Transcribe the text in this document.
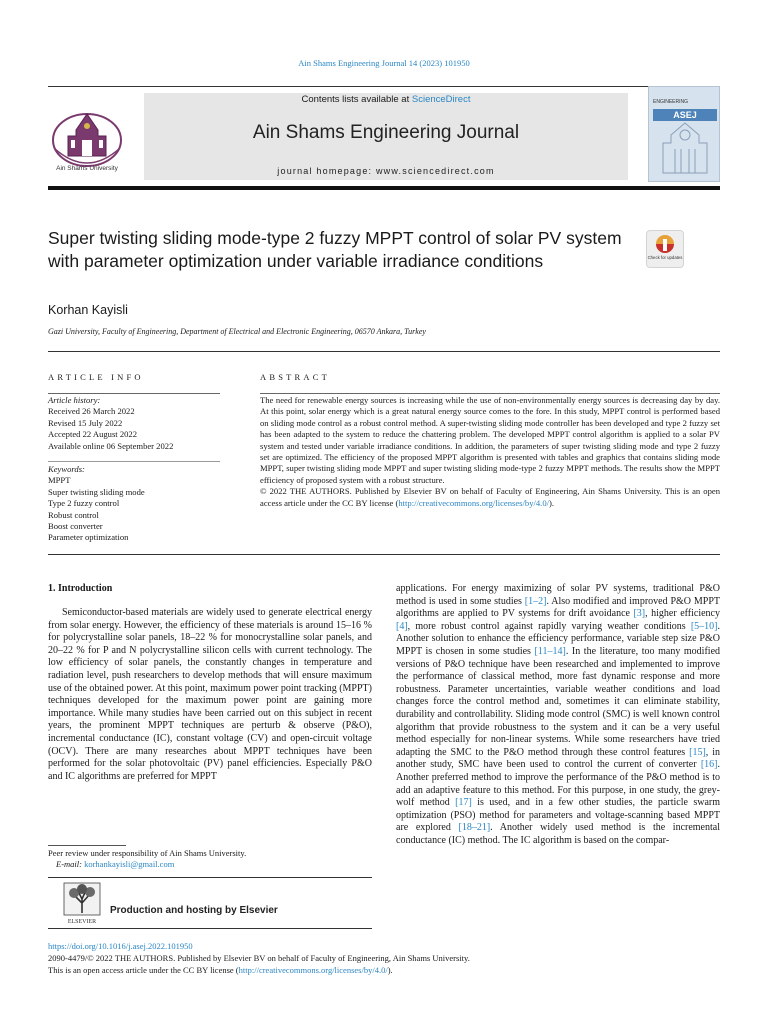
Ain Shams Engineering Journal 14 (2023) 101950
Ain Shams University
Contents lists available at ScienceDirect
Ain Shams Engineering Journal
journal homepage: www.sciencedirect.com
ENGINEERING
ASEJ
Super twisting sliding mode-type 2 fuzzy MPPT control of solar PV system with parameter optimization under variable irradiance conditions	Check for updates
Korhan Kayisli
Gazi University, Faculty of Engineering, Department of Electrical and Electronic Engineering, 06570 Ankara, Turkey
ARTICLE INFO	ABSTRACT
Article history:
Received 26 March 2022
Revised 15 July 2022
Accepted 22 August 2022
Available online 06 September 2022
Keywords:
MPPT
Super twisting sliding mode
Type 2 fuzzy control
Robust control
Boost converter
Parameter optimization

The need for renewable energy sources is increasing while the use of non-environmentally energy sources is decreasing day by day. At this point, solar energy which is a great natural energy source comes to the fore. In this study, MPPT control is performed based on sliding mode control as a robust control method. A super-twisting sliding mode controller has been developed and type 2 fuzzy set has been adapted to the system to reduce the chattering problem. The developed MPPT control algorithm is applied to a solar PV system and tested under variable irradiance conditions. In addition, the parameters of super twisting sliding mode and type 2 fuzzy set are optimized. The efficiency of the proposed MPPT algorithm is presented with tables and graphics that contains sliding mode MPPT, super twisting sliding mode MPPT and super twisting sliding mode-type 2 fuzzy MPPT methods. The results show the MPPT efficiency of proposed system with a robust structure.

© 2022 THE AUTHORS. Published by Elsevier BV on behalf of Faculty of Engineering, Ain Shams University. This is an open access article under the CC BY license (http://creativecommons.org/licenses/by/4.0/).

1. Introduction
Semiconductor-based materials are widely used to generate electrical energy from solar energy. However, the efficiency of these materials is around 15–16 % for polycrystalline solar panels, 18–22 % for monocrystalline solar panels, and 20–22 % for P and N polycrystalline silicon cells with current technology. The low efficiency of solar panels, the constantly changes in temperature and radiation level, push researchers to develop methods that will ensure maximum use of the obtained power. At this point, maximum power point tracking (MPPT) techniques developed for the maximum power point are gaining more importance. While many studies have been carried out on this subject in recent years, the prominent MPPT techniques are perturb & observe (P&O), incremental conductance (IC), constant voltage (CV) and open-circuit voltage (OCV). There are many researches about MPPT techniques have been performed for the solar photovoltaic (PV) panel efficiencies. Especially P&O and IC algorithms are preferred for MPPT
applications. For energy maximizing of solar PV systems, traditional P&O method is used in some studies [1–2]. Also modified and improved P&O MPPT algorithms are applied to PV systems for drift avoidance [3], higher efficiency [4], more robust control against rapidly varying weather conditions [5–10]. Another solution to enhance the efficiency performance, variable step size P&O MPPT is chosen in some studies [11–14]. In the literature, too many modified versions of P&O technique have been researched and implemented to improve the performance of classical method, more fast dynamic response and more robustness. Parameter uncertainties, variable weather conditions and load changes force the control method and, sometimes it can eliminate stability, durability and controllability. Sliding mode control (SMC) is well known control algorithm that provide robustness to the system and it can be a very useful method especially for non-linear systems. While some researchers have tried adapting the SMC to the P&O method through these control features [15], in another study, SMC have been used to control the current of converter [16]. Another preferred method to improve the performance of the P&O method is to add an adaptive feature to this method. For this purpose, in one study, the grey-wolf method [17] is used, and in a few other studies, the particle swarm optimization (PSO) method for parameters and voltage-scanning based MPPT are explored [18–21]. Another widely used method is the incremental conductance (IC) method. The IC algorithm is based on the compar-
Peer review under responsibility of Ain Shams University.
E-mail: korhankayisli@gmail.com
ELSEVIER
Production and hosting by Elsevier
https://doi.org/10.1016/j.asej.2022.101950
2090-4479/© 2022 THE AUTHORS. Published by Elsevier BV on behalf of Faculty of Engineering, Ain Shams University.
This is an open access article under the CC BY license (http://creativecommons.org/licenses/by/4.0/).
